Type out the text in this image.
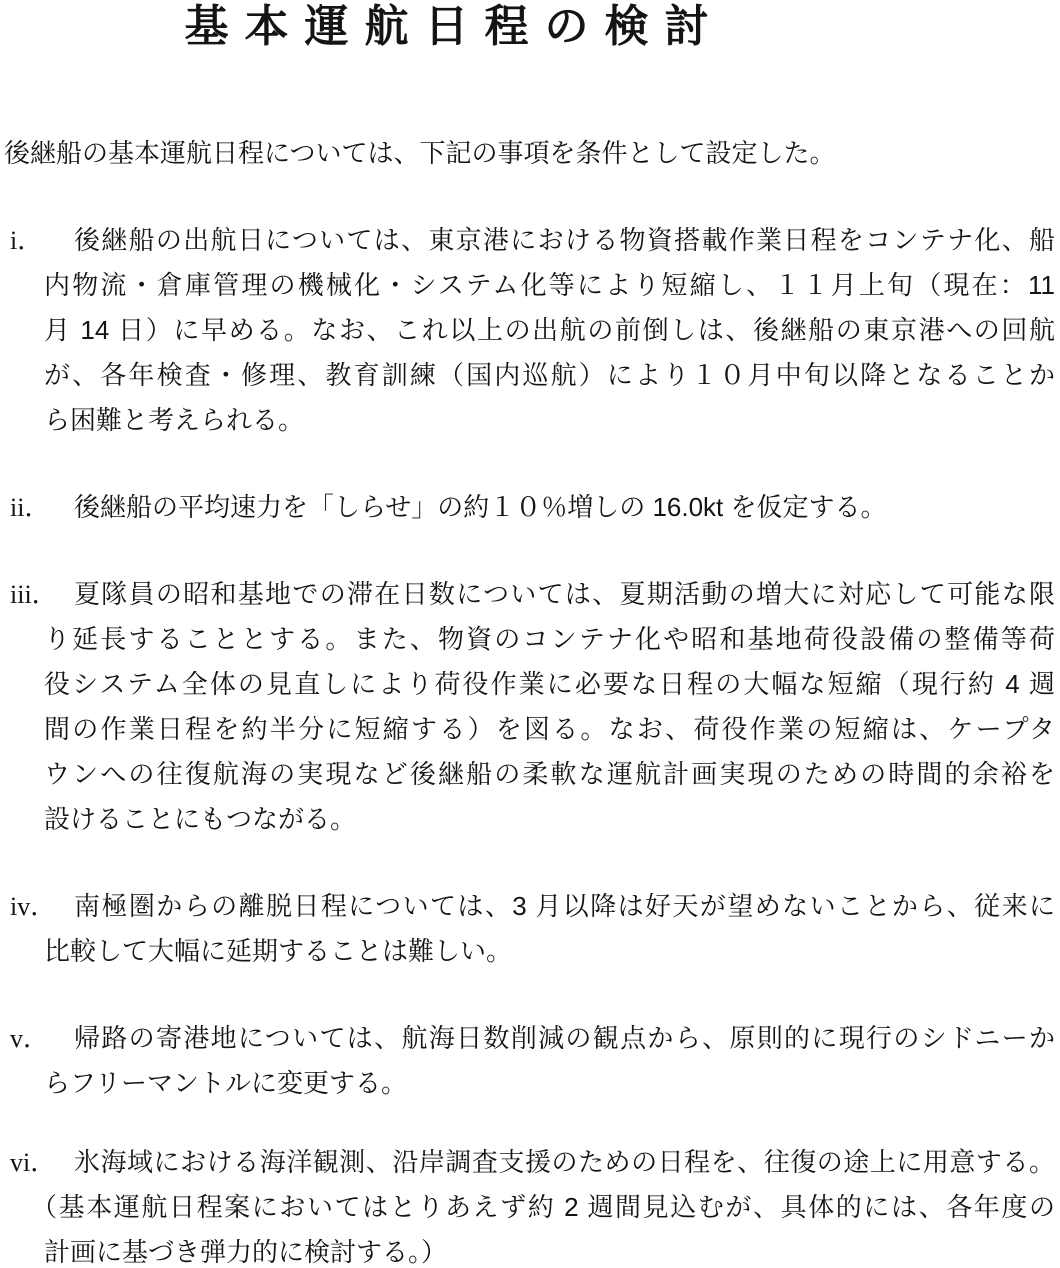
基本運航日程の検討
後継船の基本運航日程については、下記の事項を条件として設定した。
i．	後継船の出航日については、東京港における物資搭載作業日程をコンテナ化、船
内物流・倉庫管理の機械化・システム化等により短縮し、１１月上旬（現在：11
月 14 日）に早める。なお、これ以上の出航の前倒しは、後継船の東京港への回航
が、各年検査・修理、教育訓練（国内巡航）により１０月中旬以降となることか
ら困難と考えられる。
ii． 後継船の平均速力を「しらせ」の約１０％増しの 16.0kt を仮定する。
iii． 夏隊員の昭和基地での滞在日数については、夏期活動の増大に対応して可能な限
り延長することとする。また、物資のコンテナ化や昭和基地荷役設備の整備等荷
役システム全体の見直しにより荷役作業に必要な日程の大幅な短縮（現行約 4 週
間の作業日程を約半分に短縮する）を図る。なお、荷役作業の短縮は、ケープタ
ウンへの往復航海の実現など後継船の柔軟な運航計画実現のための時間的余裕を
設けることにもつながる。
iv． 南極圏からの離脱日程については、3 月以降は好天が望めないことから、従来に
比較して大幅に延期することは難しい。
v． 帰路の寄港地については、航海日数削減の観点から、原則的に現行のシドニーか
らフリーマントルに変更する。
vi． 氷海域における海洋観測、沿岸調査支援のための日程を、往復の途上に用意する。
（基本運航日程案においてはとりあえず約 2 週間見込むが、具体的には、各年度の
計画に基づき弾力的に検討する。）
